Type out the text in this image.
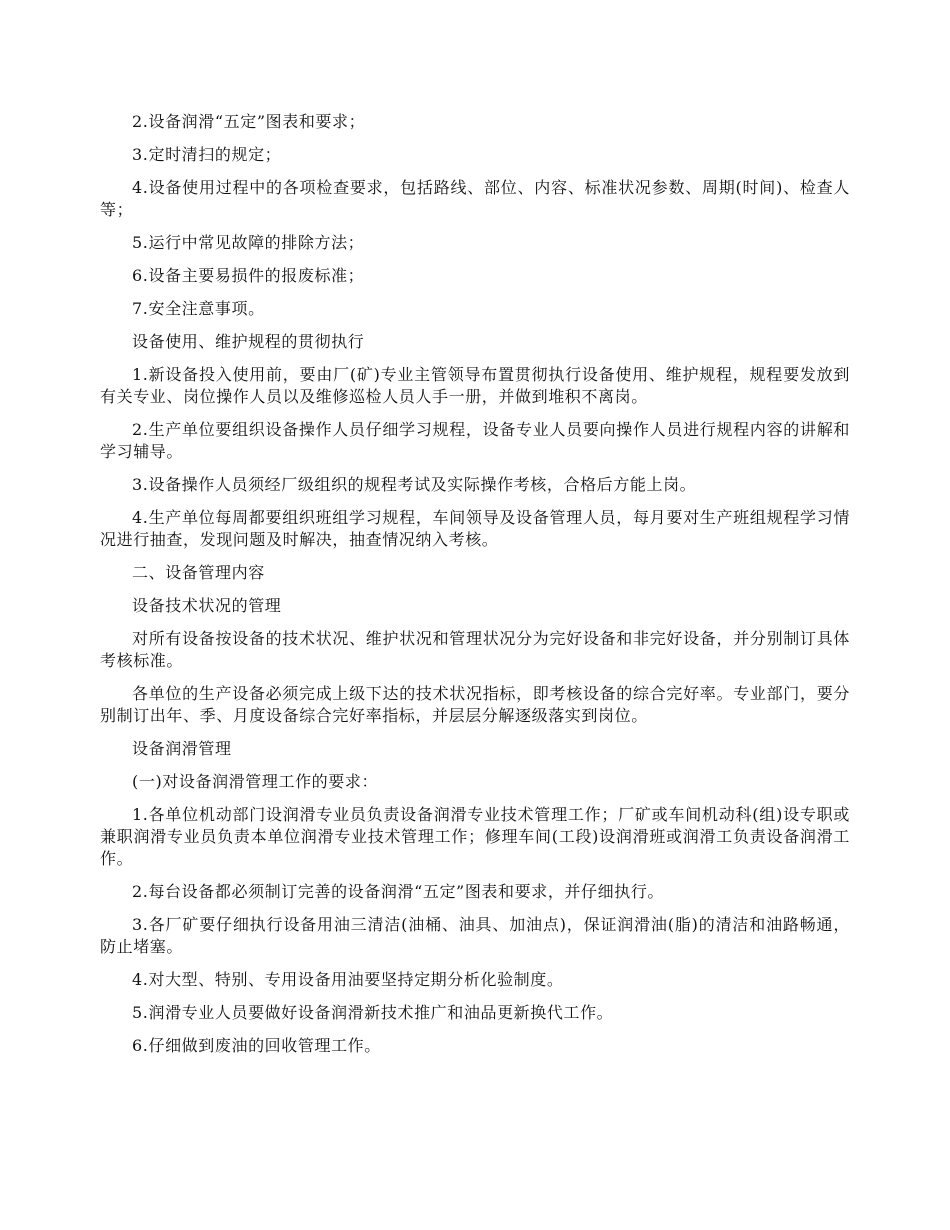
2.设备润滑“五定”图表和要求；

3.定时清扫的规定；

4.设备使用过程中的各项检查要求，包括路线、部位、内容、标准状况参数、周期(时间)、检查人等；

5.运行中常见故障的排除方法；

6.设备主要易损件的报废标准；

7.安全注意事项。

设备使用、维护规程的贯彻执行

1.新设备投入使用前，要由厂(矿)专业主管领导布置贯彻执行设备使用、维护规程，规程要发放到有关专业、岗位操作人员以及维修巡检人员人手一册，并做到堆积不离岗。

2.生产单位要组织设备操作人员仔细学习规程，设备专业人员要向操作人员进行规程内容的讲解和学习辅导。

3.设备操作人员须经厂级组织的规程考试及实际操作考核，合格后方能上岗。

4.生产单位每周都要组织班组学习规程，车间领导及设备管理人员，每月要对生产班组规程学习情况进行抽查，发现问题及时解决，抽查情况纳入考核。

二、设备管理内容

设备技术状况的管理

对所有设备按设备的技术状况、维护状况和管理状况分为完好设备和非完好设备，并分别制订具体考核标准。

各单位的生产设备必须完成上级下达的技术状况指标，即考核设备的综合完好率。专业部门，要分别制订出年、季、月度设备综合完好率指标，并层层分解逐级落实到岗位。

设备润滑管理

(一)对设备润滑管理工作的要求：

1.各单位机动部门设润滑专业员负责设备润滑专业技术管理工作；厂矿或车间机动科(组)设专职或兼职润滑专业员负责本单位润滑专业技术管理工作；修理车间(工段)设润滑班或润滑工负责设备润滑工作。

2.每台设备都必须制订完善的设备润滑“五定”图表和要求，并仔细执行。

3.各厂矿要仔细执行设备用油三清洁(油桶、油具、加油点)，保证润滑油(脂)的清洁和油路畅通，防止堵塞。

4.对大型、特别、专用设备用油要坚持定期分析化验制度。

5.润滑专业人员要做好设备润滑新技术推广和油品更新换代工作。

6.仔细做到废油的回收管理工作。
